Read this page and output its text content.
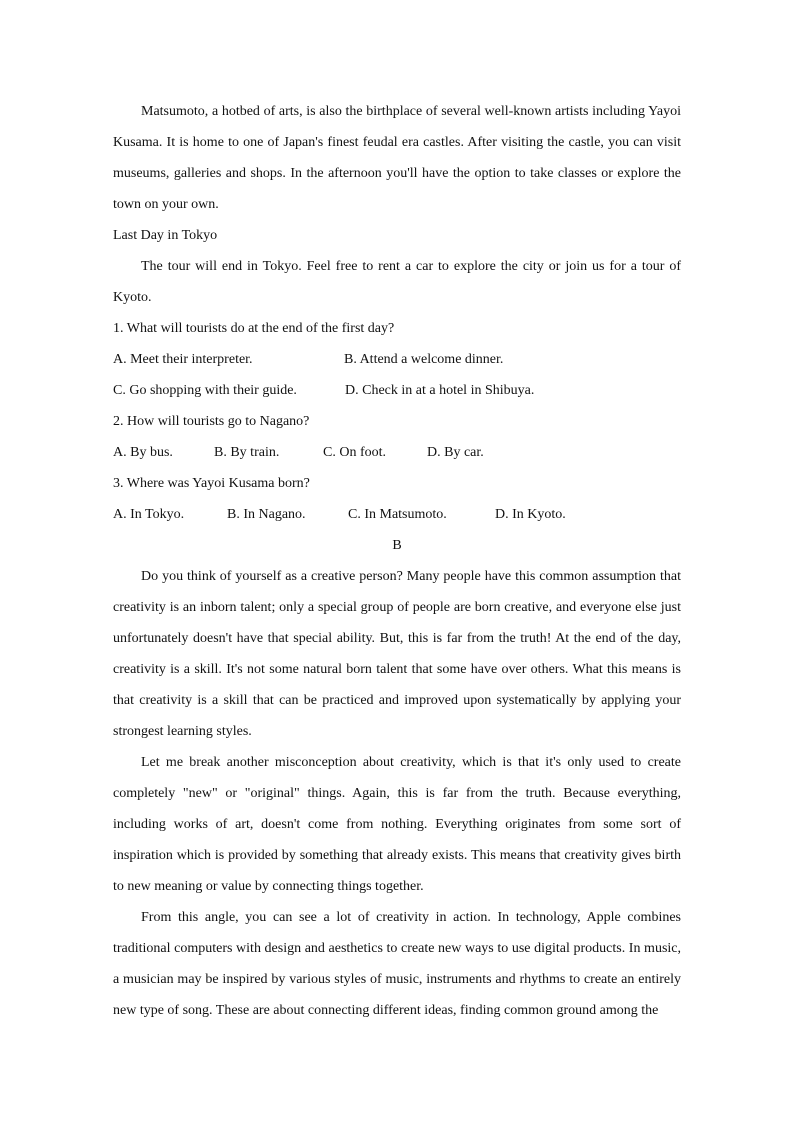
Matsumoto, a hotbed of arts, is also the birthplace of several well-known artists including Yayoi Kusama. It is home to one of Japan's finest feudal era castles. After visiting the castle, you can visit museums, galleries and shops. In the afternoon you'll have the option to take classes or explore the town on your own.

Last Day in Tokyo

The tour will end in Tokyo. Feel free to rent a car to explore the city or join us for a tour of Kyoto.

1. What will tourists do at the end of the first day?

A. Meet their interpreter.	B. Attend a welcome dinner.
C. Go shopping with their guide.	D. Check in at a hotel in Shibuya.

2. How will tourists go to Nagano?

A. By bus.	B. By train.	C. On foot.	D. By car.

3. Where was Yayoi Kusama born?

A. In Tokyo.	B. In Nagano.	C. In Matsumoto.	D. In Kyoto.

B

Do you think of yourself as a creative person? Many people have this common assumption that creativity is an inborn talent; only a special group of people are born creative, and everyone else just unfortunately doesn't have that special ability. But, this is far from the truth! At the end of the day, creativity is a skill. It's not some natural born talent that some have over others. What this means is that creativity is a skill that can be practiced and improved upon systematically by applying your strongest learning styles.

Let me break another misconception about creativity, which is that it's only used to create completely "new" or "original" things. Again, this is far from the truth. Because everything, including works of art, doesn't come from nothing. Everything originates from some sort of inspiration which is provided by something that already exists. This means that creativity gives birth to new meaning or value by connecting things together.

From this angle, you can see a lot of creativity in action. In technology, Apple combines traditional computers with design and aesthetics to create new ways to use digital products. In music, a musician may be inspired by various styles of music, instruments and rhythms to create an entirely new type of song. These are about connecting different ideas, finding common ground among the
